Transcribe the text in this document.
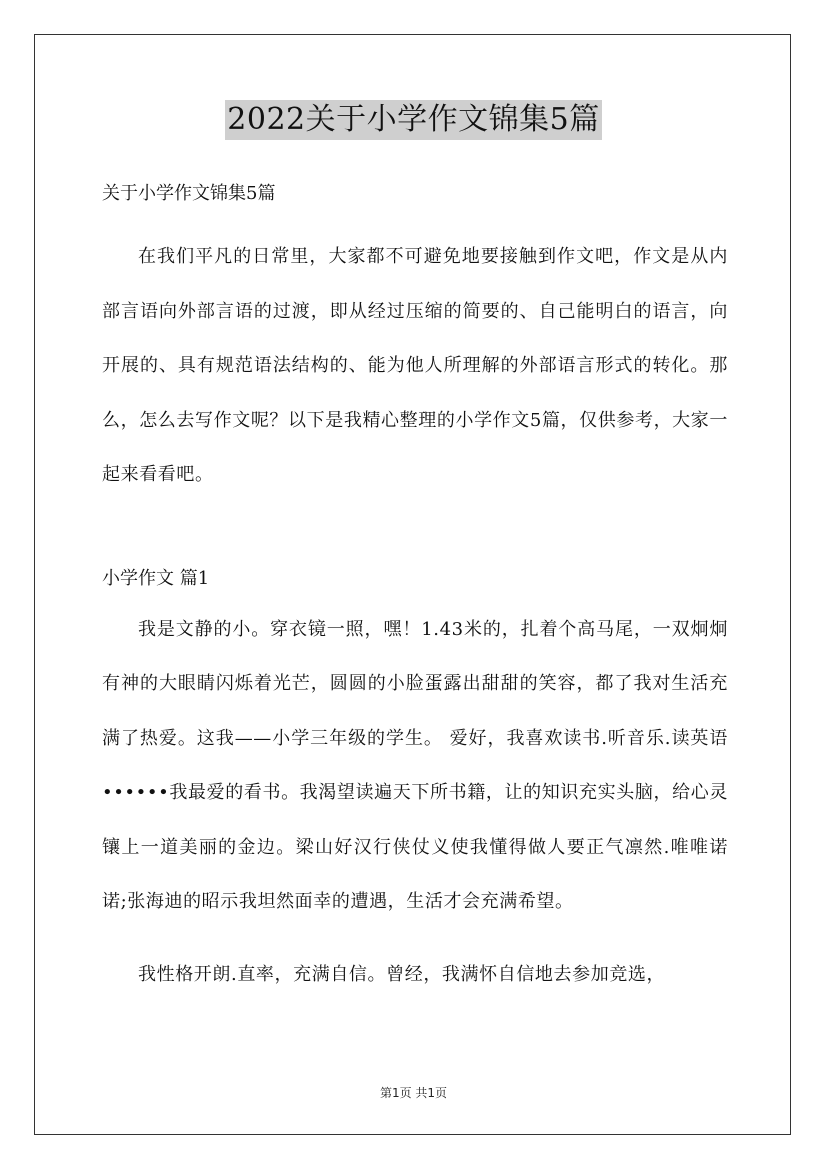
2022关于小学作文锦集5篇
关于小学作文锦集5篇

在我们平凡的日常里，大家都不可避免地要接触到作文吧，作文是从内部言语向外部言语的过渡，即从经过压缩的简要的、自己能明白的语言，向开展的、具有规范语法结构的、能为他人所理解的外部语言形式的转化。那么，怎么去写作文呢？以下是我精心整理的小学作文5篇，仅供参考，大家一起来看看吧。

小学作文 篇1

我是文静的小。穿衣镜一照，嘿！1.43米的，扎着个高马尾，一双炯炯有神的大眼睛闪烁着光芒，圆圆的小脸蛋露出甜甜的笑容，都了我对生活充满了热爱。这我——小学三年级的学生。 爱好，我喜欢读书.听音乐.读英语••••••我最爱的看书。我渴望读遍天下所书籍，让的知识充实头脑，给心灵镶上一道美丽的金边。梁山好汉行侠仗义使我懂得做人要正气凛然.唯唯诺诺;张海迪的昭示我坦然面幸的遭遇，生活才会充满希望。

我性格开朗.直率，充满自信。曾经，我满怀自信地去参加竞选，

第1页 共1页
